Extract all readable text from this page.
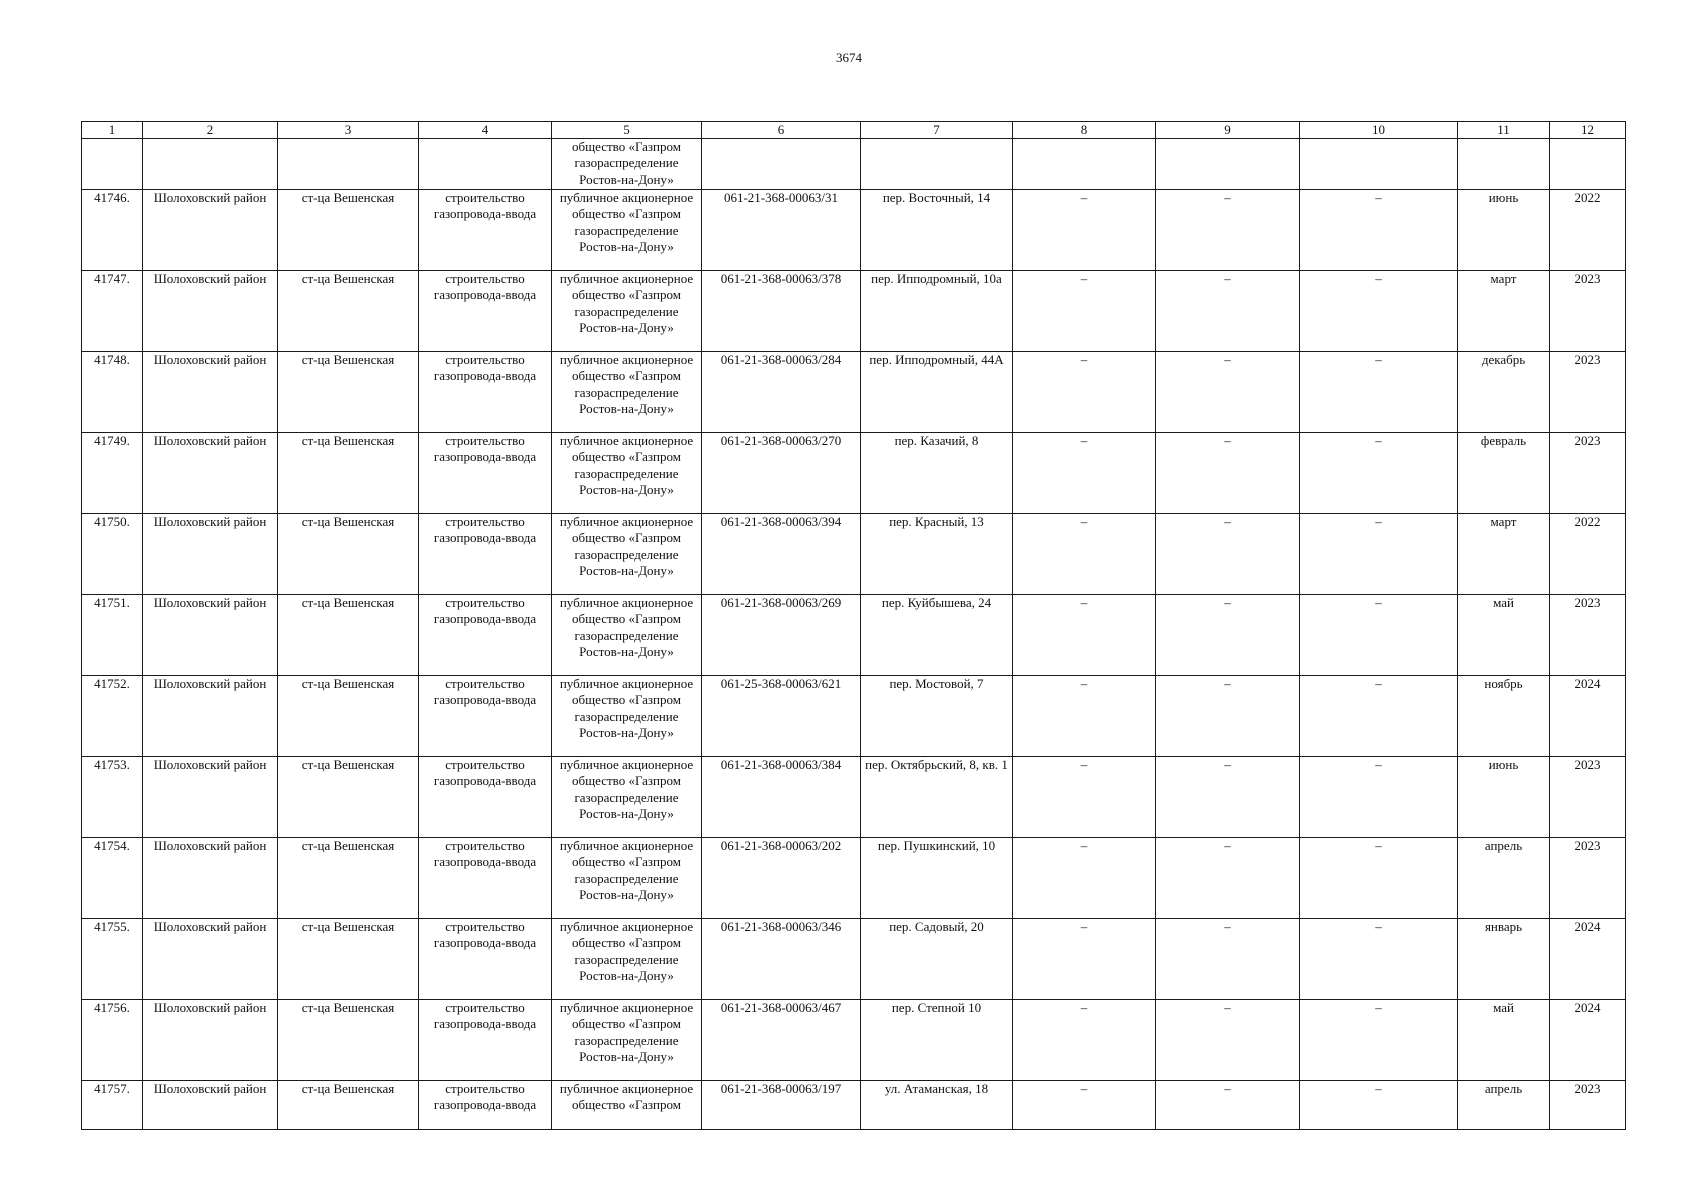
3674
1	2	3	4	5	6	7	8	9	10	11	12
				общество «Газпром газораспределение Ростов-на-Дону»							
41746.	Шолоховский район	ст-ца Вешенская	строительство газопровода-ввода	публичное акционерное общество «Газпром газораспределение Ростов-на-Дону»	061-21-368-00063/31	пер. Восточный, 14	–	–	–	июнь	2022
41747.	Шолоховский район	ст-ца Вешенская	строительство газопровода-ввода	публичное акционерное общество «Газпром газораспределение Ростов-на-Дону»	061-21-368-00063/378	пер. Ипподромный, 10а	–	–	–	март	2023
41748.	Шолоховский район	ст-ца Вешенская	строительство газопровода-ввода	публичное акционерное общество «Газпром газораспределение Ростов-на-Дону»	061-21-368-00063/284	пер. Ипподромный, 44А	–	–	–	декабрь	2023
41749.	Шолоховский район	ст-ца Вешенская	строительство газопровода-ввода	публичное акционерное общество «Газпром газораспределение Ростов-на-Дону»	061-21-368-00063/270	пер. Казачий, 8	–	–	–	февраль	2023
41750.	Шолоховский район	ст-ца Вешенская	строительство газопровода-ввода	публичное акционерное общество «Газпром газораспределение Ростов-на-Дону»	061-21-368-00063/394	пер. Красный, 13	–	–	–	март	2022
41751.	Шолоховский район	ст-ца Вешенская	строительство газопровода-ввода	публичное акционерное общество «Газпром газораспределение Ростов-на-Дону»	061-21-368-00063/269	пер. Куйбышева, 24	–	–	–	май	2023
41752.	Шолоховский район	ст-ца Вешенская	строительство газопровода-ввода	публичное акционерное общество «Газпром газораспределение Ростов-на-Дону»	061-25-368-00063/621	пер. Мостовой, 7	–	–	–	ноябрь	2024
41753.	Шолоховский район	ст-ца Вешенская	строительство газопровода-ввода	публичное акционерное общество «Газпром газораспределение Ростов-на-Дону»	061-21-368-00063/384	пер. Октябрьский, 8, кв. 1	–	–	–	июнь	2023
41754.	Шолоховский район	ст-ца Вешенская	строительство газопровода-ввода	публичное акционерное общество «Газпром газораспределение Ростов-на-Дону»	061-21-368-00063/202	пер. Пушкинский, 10	–	–	–	апрель	2023
41755.	Шолоховский район	ст-ца Вешенская	строительство газопровода-ввода	публичное акционерное общество «Газпром газораспределение Ростов-на-Дону»	061-21-368-00063/346	пер. Садовый, 20	–	–	–	январь	2024
41756.	Шолоховский район	ст-ца Вешенская	строительство газопровода-ввода	публичное акционерное общество «Газпром газораспределение Ростов-на-Дону»	061-21-368-00063/467	пер. Степной 10	–	–	–	май	2024
41757.	Шолоховский район	ст-ца Вешенская	строительство газопровода-ввода	публичное акционерное общество «Газпром	061-21-368-00063/197	ул. Атаманская, 18	–	–	–	апрель	2023
